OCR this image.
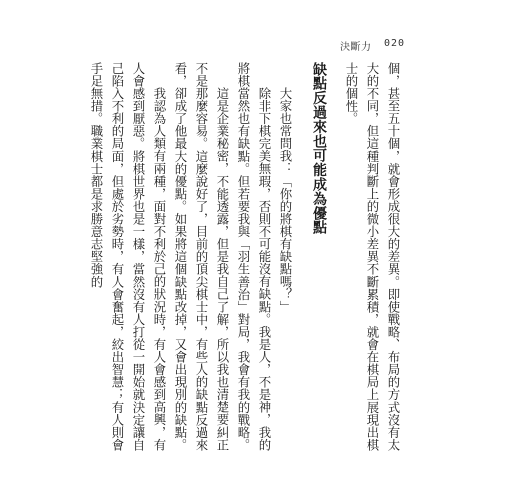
決斷力 020

個，甚至五十個，就會形成很大的差異。即使戰略、布局的方式沒有太大的不同，但這種判斷上的微小差異不斷累積，就會在棋局上展現出棋士的個性。

缺點反過來也可能成為優點

大家也常問我：「你的將棋有缺點嗎？」

除非下棋完美無瑕，否則不可能沒有缺點。我是人，不是神，我的將棋當然也有缺點。但若要我與「羽生善治」對局，我會有我的戰略。

這是企業秘密，不能透露，但是我自己了解，所以我也清楚要糾正不是那麼容易。這麼說好了，目前的頂尖棋士中，有些人的缺點反過來看，卻成了他最大的優點。如果將這個缺點改掉，又會出現別的缺點。

我認為人類有兩種，面對不利於己的狀況時，有人會感到高興，有人會感到厭惡。將棋世界也是一樣，當然沒有人打從一開始就決定讓自己陷入不利的局面，但處於劣勢時，有人會奮起，絞出智慧；有人則會手足無措。職業棋士都是求勝意志堅強的
